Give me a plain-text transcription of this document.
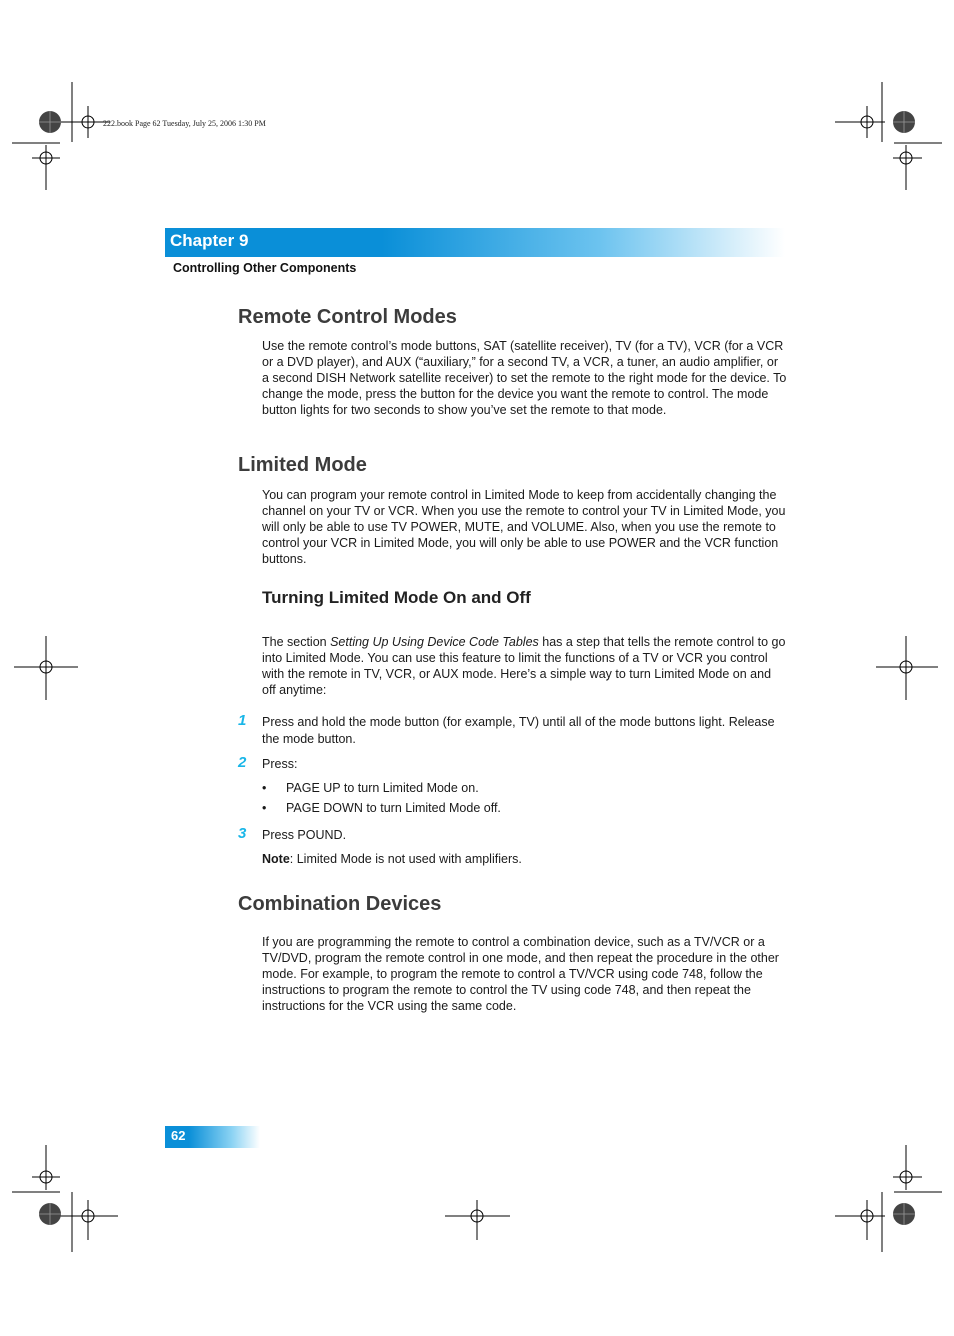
222.book Page 62 Tuesday, July 25, 2006 1:30 PM
Chapter 9
Controlling Other Components
Remote Control Modes

Use the remote control’s mode buttons, SAT (satellite receiver), TV (for a TV), VCR (for a VCR or a DVD player), and AUX (“auxiliary,” for a second TV, a VCR, a tuner, an audio amplifier, or a second DISH Network satellite receiver) to set the remote to the right mode for the device. To change the mode, press the button for the device you want the remote to control. The mode button lights for two seconds to show you’ve set the remote to that mode.

Limited Mode

You can program your remote control in Limited Mode to keep from accidentally changing the channel on your TV or VCR. When you use the remote to control your TV in Limited Mode, you will only be able to use TV POWER, MUTE, and VOLUME. Also, when you use the remote to control your VCR in Limited Mode, you will only be able to use POWER and the VCR function buttons.

Turning Limited Mode On and Off

The section Setting Up Using Device Code Tables has a step that tells the remote control to go into Limited Mode. You can use this feature to limit the functions of a TV or VCR you control with the remote in TV, VCR, or AUX mode. Here’s a simple way to turn Limited Mode on and off anytime:

1 Press and hold the mode button (for example, TV) until all of the mode buttons light. Release the mode button.
2 Press:
• PAGE UP to turn Limited Mode on.
• PAGE DOWN to turn Limited Mode off.
3 Press POUND.
Note: Limited Mode is not used with amplifiers.
Combination Devices

If you are programming the remote to control a combination device, such as a TV/VCR or a TV/DVD, program the remote control in one mode, and then repeat the procedure in the other mode. For example, to program the remote to control a TV/VCR using code 748, follow the instructions to program the remote to control the TV using code 748, and then repeat the instructions for the VCR using the same code.

62
